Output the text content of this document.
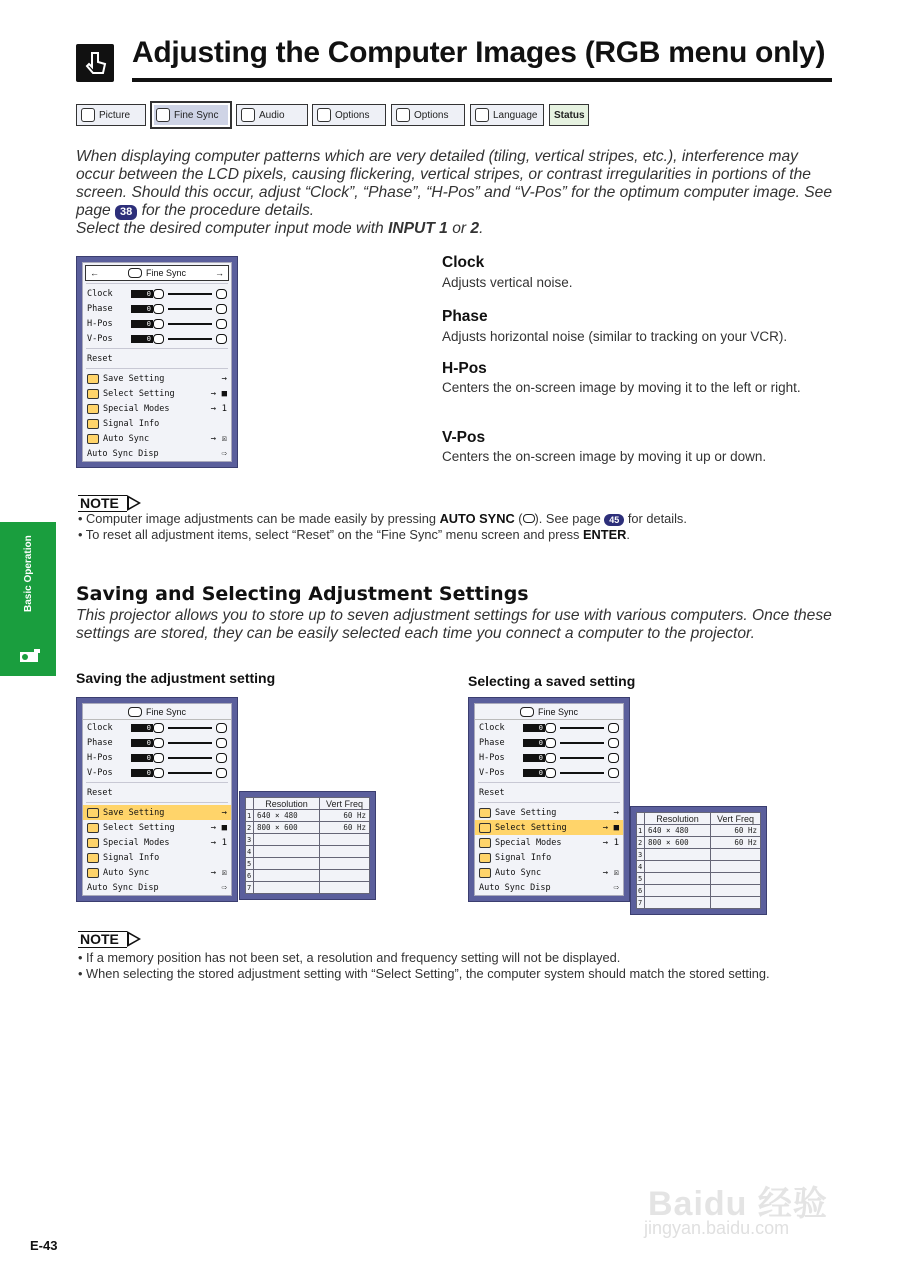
Adjusting the Computer Images (RGB menu only)
Picture	Fine Sync	Audio	Options	Options	Language Status
When displaying computer patterns which are very detailed (tiling, vertical stripes, etc.), interference may occur between the LCD pixels, causing flickering, vertical stripes, or contrast irregularities in portions of the screen. Should this occur, adjust “Clock”, “Phase”, “H-Pos” and “V-Pos” for the optimum computer image. See page 38 for the procedure details.
Select the desired computer input mode with INPUT 1 or 2.
←	Fine Sync	→
Clock	0
Phase	0
H-Pos	0
V-Pos	0
Reset
Save Setting	→
Select Setting	→ ■
Special Modes	→ 1
Signal Info
Auto Sync	→ ☒
Auto Sync Disp	⇨
Clock
Adjusts vertical noise.
Phase
Adjusts horizontal noise (similar to tracking on your VCR).
H-Pos
Centers the on-screen image by moving it to the left or right.
V-Pos
Centers the on-screen image by moving it up or down.
NOTE
• Computer image adjustments can be made easily by pressing AUTO SYNC ( ). See page 45 for details.
• To reset all adjustment items, select “Reset” on the “Fine Sync” menu screen and press ENTER.
Basic Operation Saving and Selecting Adjustment Settings
This projector allows you to store up to seven adjustment settings for use with various computers. Once these settings are stored, they can be easily selected each time you connect a computer to the projector.
Saving the adjustment setting	Selecting a saved setting
Fine Sync
Clock	0
Phase	0
H-Pos	0
V-Pos	0
Reset
Save Setting	→
Select Setting	→ ■
Special Modes	→ 1
Signal Info
Auto Sync	→ ☒
Auto Sync Disp	⇨
	Resolution	Vert Freq
1	640 × 480	60 Hz
2	800 × 600	60 Hz
3		
4		
5		
6		
7		
Fine Sync
Clock	0
Phase	0
H-Pos	0
V-Pos	0
Reset
Save Setting	→
Select Setting	→ ■
Special Modes	→ 1
Signal Info
Auto Sync	→ ☒
Auto Sync Disp	⇨
	Resolution	Vert Freq
1	640 × 480	60 Hz
2	800 × 600	60 Hz
3		
4		
5		
6		
7		
NOTE
• If a memory position has not been set, a resolution and frequency setting will not be displayed.
• When selecting the stored adjustment setting with “Select Setting”, the computer system should match the stored setting.
E-43
Baidu 经验
jingyan.baidu.com
